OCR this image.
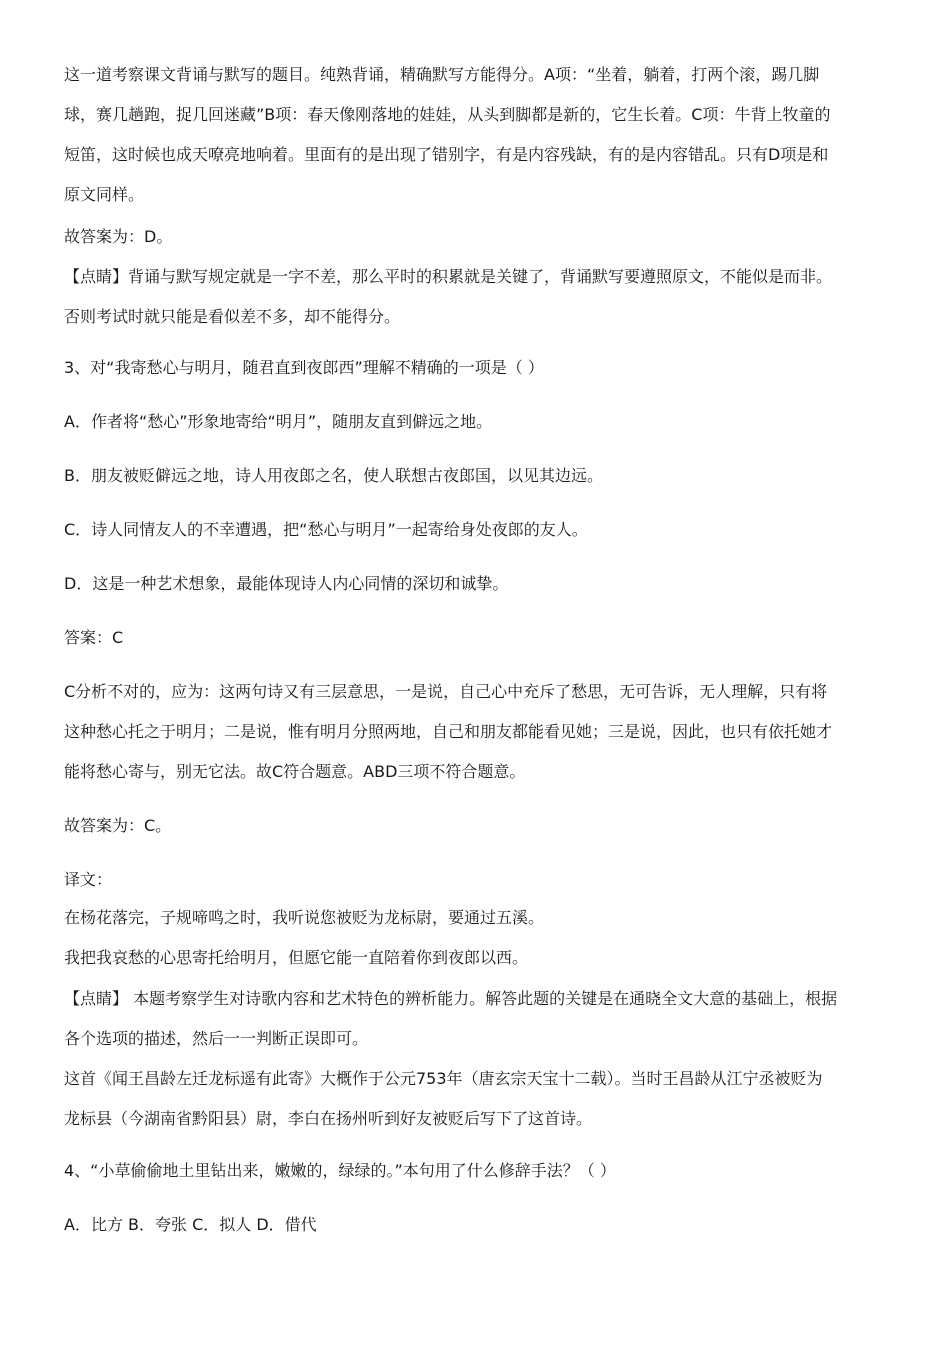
这一道考察课文背诵与默写的题目。纯熟背诵，精确默写方能得分。A项：“坐着，躺着，打两个滚，踢几脚
球，赛几趟跑，捉几回迷藏”B项：春天像刚落地的娃娃，从头到脚都是新的，它生长着。C项：牛背上牧童的
短笛，这时候也成天嘹亮地响着。里面有的是出现了错别字，有是内容残缺，有的是内容错乱。只有D项是和
原文同样。
故答案为：D。
【点睛】背诵与默写规定就是一字不差，那么平时的积累就是关键了，背诵默写要遵照原文，不能似是而非。
否则考试时就只能是看似差不多，却不能得分。
3、对“我寄愁心与明月，随君直到夜郎西”理解不精确的一项是（ ）
A．作者将“愁心”形象地寄给“明月”，随朋友直到僻远之地。
B．朋友被贬僻远之地，诗人用夜郎之名，使人联想古夜郎国，以见其边远。
C．诗人同情友人的不幸遭遇，把“愁心与明月”一起寄给身处夜郎的友人。
D．这是一种艺术想象，最能体现诗人内心同情的深切和诚挚。
答案：C
C分析不对的，应为：这两句诗又有三层意思，一是说，自己心中充斥了愁思，无可告诉，无人理解，只有将
这种愁心托之于明月；二是说，惟有明月分照两地，自己和朋友都能看见她；三是说，因此，也只有依托她才
能将愁心寄与，别无它法。故C符合题意。ABD三项不符合题意。
故答案为：C。
译文：
在杨花落完，子规啼鸣之时，我听说您被贬为龙标尉，要通过五溪。
我把我哀愁的心思寄托给明月，但愿它能一直陪着你到夜郎以西。
【点睛】 本题考察学生对诗歌内容和艺术特色的辨析能力。解答此题的关键是在通晓全文大意的基础上，根据
各个选项的描述，然后一一判断正误即可。
这首《闻王昌龄左迁龙标遥有此寄》大概作于公元753年（唐玄宗天宝十二载）。当时王昌龄从江宁丞被贬为
龙标县（今湖南省黔阳县）尉，李白在扬州听到好友被贬后写下了这首诗。
4、“小草偷偷地土里钻出来，嫩嫩的，绿绿的。”本句用了什么修辞手法？（ ）
A．比方 B．夸张 C．拟人 D．借代
